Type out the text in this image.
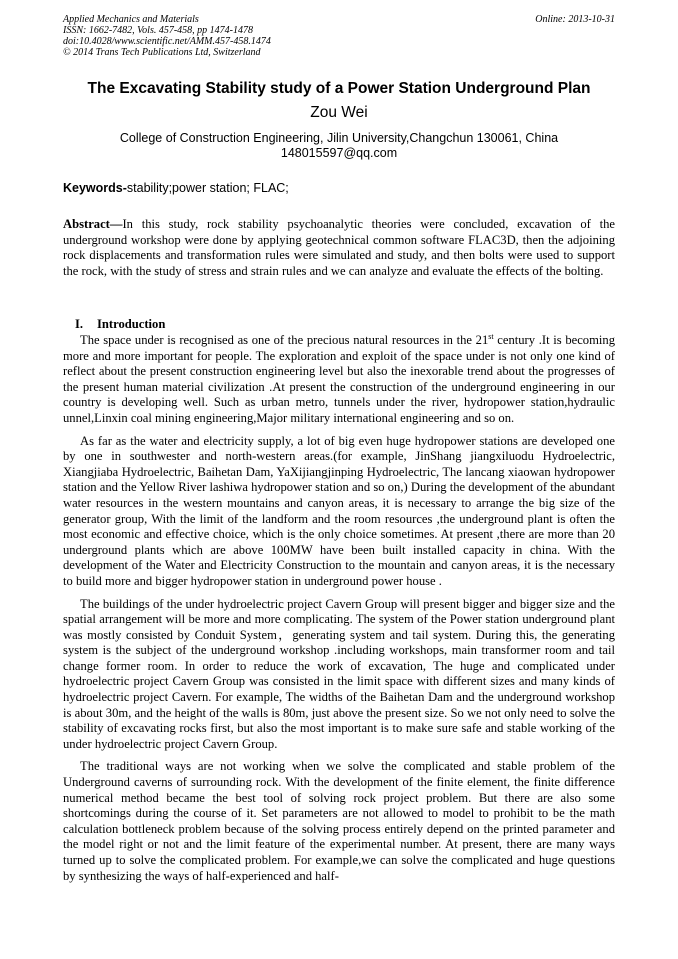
Applied Mechanics and Materials
ISSN: 1662-7482, Vols. 457-458, pp 1474-1478
doi:10.4028/www.scientific.net/AMM.457-458.1474
© 2014 Trans Tech Publications Ltd, Switzerland
Online: 2013-10-31
The Excavating Stability study of a Power Station Underground Plan
Zou Wei
College of Construction Engineering, Jilin University,Changchun 130061, China
148015597@qq.com
Keywords-stability;power station; FLAC;
Abstract—In this study, rock stability psychoanalytic theories were concluded, excavation of the underground workshop were done by applying geotechnical common software FLAC3D, then the adjoining rock displacements and transformation rules were simulated and study, and then bolts were used to support the rock, with the study of stress and strain rules and we can analyze and evaluate the effects of the bolting.
I. Introduction

The space under is recognised as one of the precious natural resources in the 21st century .It is becoming more and more important for people. The exploration and exploit of the space under is not only one kind of reflect about the present construction engineering level but also the inexorable trend about the progresses of the present human material civilization .At present the construction of the underground engineering in our country is developing well. Such as urban metro, tunnels under the river, hydropower station,hydraulic unnel,Linxin coal mining engineering,Major military international engineering and so on.

As far as the water and electricity supply, a lot of big even huge hydropower stations are developed one by one in southwester and north-western areas.(for example, JinShang jiangxiluodu Hydroelectric, Xiangjiaba Hydroelectric, Baihetan Dam, YaXijiangjinping Hydroelectric, The lancang xiaowan hydropower station and the Yellow River lashiwa hydropower station and so on,) During the development of the abundant water resources in the western mountains and canyon areas, it is necessary to arrange the big size of the generator group, With the limit of the landform and the room resources ,the underground plant is often the most economic and effective choice, which is the only choice sometimes. At present ,there are more than 20 underground plants which are above 100MW have been built installed capacity in china. With the development of the Water and Electricity Construction to the mountain and canyon areas, it is the necessary to build more and bigger hydropower station in underground power house .

The buildings of the under hydroelectric project Cavern Group will present bigger and bigger size and the spatial arrangement will be more and more complicating. The system of the Power station underground plant was mostly consisted by Conduit System，generating system and tail system. During this, the generating system is the subject of the underground workshop .including workshops, main transformer room and tail change former room. In order to reduce the work of excavation, The huge and complicated under hydroelectric project Cavern Group was consisted in the limit space with different sizes and many kinds of hydroelectric project Cavern. For example, The widths of the Baihetan Dam and the underground workshop is about 30m, and the height of the walls is 80m, just above the present size. So we not only need to solve the stability of excavating rocks first, but also the most important is to make sure safe and stable working of the under hydroelectric project Cavern Group.

The traditional ways are not working when we solve the complicated and stable problem of the Underground caverns of surrounding rock. With the development of the finite element, the finite difference numerical method became the best tool of solving rock project problem. But there are also some shortcomings during the course of it. Set parameters are not allowed to model to prohibit to be the math calculation bottleneck problem because of the solving process entirely depend on the printed parameter and the model right or not and the limit feature of the experimental number. At present, there are many ways turned up to solve the complicated problem. For example,we can solve the complicated and huge questions by synthesizing the ways of half-experienced and half-
